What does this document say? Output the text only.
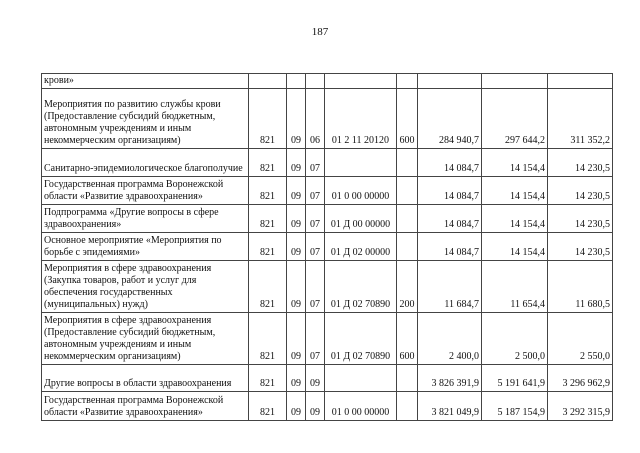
187
крови»								
Мероприятия по развитию службы крови (Предоставление субсидий бюджетным, автономным учреждениям и иным некоммерческим организациям)	821	09	06	01 2 11 20120	600	284 940,7	297 644,2	311 352,2
Санитарно-эпидемиологическое благополучие	821	09	07			14 084,7	14 154,4	14 230,5
Государственная программа Воронежской области «Развитие здравоохранения»	821	09	07	01 0 00 00000		14 084,7	14 154,4	14 230,5
Подпрограмма «Другие вопросы в сфере здравоохранения»	821	09	07	01 Д 00 00000		14 084,7	14 154,4	14 230,5
Основное мероприятие «Мероприятия по борьбе с эпидемиями»	821	09	07	01 Д 02 00000		14 084,7	14 154,4	14 230,5
Мероприятия в сфере здравоохранения (Закупка товаров, работ и услуг для обеспечения государственных (муниципальных) нужд)	821	09	07	01 Д 02 70890	200	11 684,7	11 654,4	11 680,5
Мероприятия в сфере здравоохранения (Предоставление субсидий бюджетным, автономным учреждениям и иным некоммерческим организациям)	821	09	07	01 Д 02 70890	600	2 400,0	2 500,0	2 550,0
Другие вопросы в области здравоохранения	821	09	09			3 826 391,9	5 191 641,9	3 296 962,9
Государственная программа Воронежской области «Развитие здравоохранения»	821	09	09	01 0 00 00000		3 821 049,9	5 187 154,9	3 292 315,9
